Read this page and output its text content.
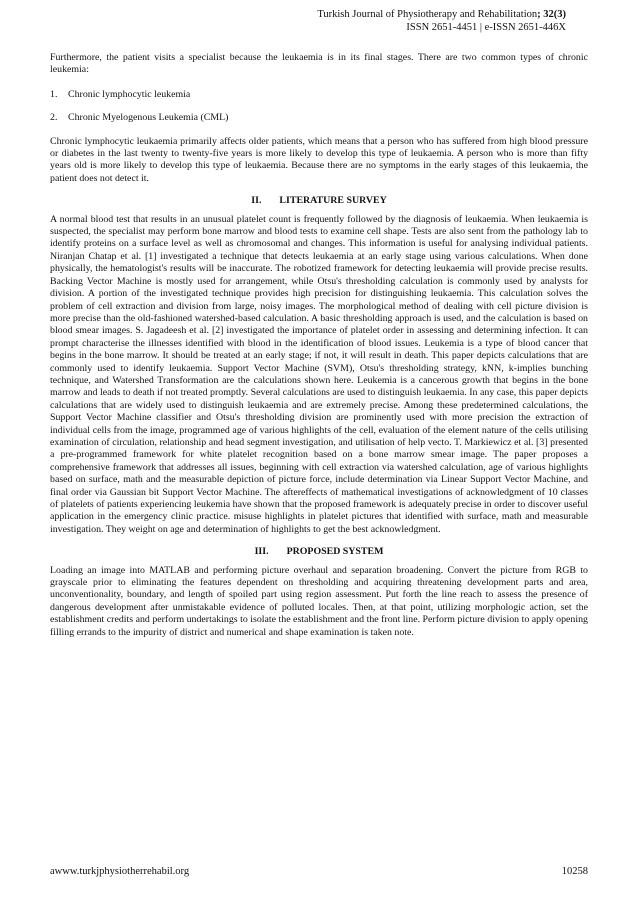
Turkish Journal of Physiotherapy and Rehabilitation; 32(3)
ISSN 2651-4451 | e-ISSN 2651-446X

Furthermore, the patient visits a specialist because the leukaemia is in its final stages. There are two common types of chronic leukemia:

1.	Chronic lymphocytic leukemia
2.	Chronic Myelogenous Leukemia (CML)

Chronic lymphocytic leukaemia primarily affects older patients, which means that a person who has suffered from high blood pressure or diabetes in the last twenty to twenty-five years is more likely to develop this type of leukaemia. A person who is more than fifty years old is more likely to develop this type of leukaemia. Because there are no symptoms in the early stages of this leukaemia, the patient does not detect it.

II. LITERATURE SURVEY

A normal blood test that results in an unusual platelet count is frequently followed by the diagnosis of leukaemia. When leukaemia is suspected, the specialist may perform bone marrow and blood tests to examine cell shape. Tests are also sent from the pathology lab to identify proteins on a surface level as well as chromosomal and changes. This information is useful for analysing individual patients. Niranjan Chatap et al. [1] investigated a technique that detects leukaemia at an early stage using various calculations. When done physically, the hematologist's results will be inaccurate. The robotized framework for detecting leukaemia will provide precise results. Backing Vector Machine is mostly used for arrangement, while Otsu's thresholding calculation is commonly used by analysts for division. A portion of the investigated technique provides high precision for distinguishing leukaemia. This calculation solves the problem of cell extraction and division from large, noisy images. The morphological method of dealing with cell picture division is more precise than the old-fashioned watershed-based calculation. A basic thresholding approach is used, and the calculation is based on blood smear images. S. Jagadeesh et al. [2] investigated the importance of platelet order in assessing and determining infection. It can prompt characterise the illnesses identified with blood in the identification of blood issues. Leukemia is a type of blood cancer that begins in the bone marrow. It should be treated at an early stage; if not, it will result in death. This paper depicts calculations that are commonly used to identify leukaemia. Support Vector Machine (SVM), Otsu's thresholding strategy, kNN, k-implies bunching technique, and Watershed Transformation are the calculations shown here. Leukemia is a cancerous growth that begins in the bone marrow and leads to death if not treated promptly. Several calculations are used to distinguish leukaemia. In any case, this paper depicts calculations that are widely used to distinguish leukaemia and are extremely precise. Among these predetermined calculations, the Support Vector Machine classifier and Otsu's thresholding division are prominently used with more precision the extraction of individual cells from the image, programmed age of various highlights of the cell, evaluation of the element nature of the cells utilising examination of circulation, relationship and head segment investigation, and utilisation of help vecto. T. Markiewicz et al. [3] presented a pre-programmed framework for white platelet recognition based on a bone marrow smear image. The paper proposes a comprehensive framework that addresses all issues, beginning with cell extraction via watershed calculation, age of various highlights based on surface, math and the measurable depiction of picture force, include determination via Linear Support Vector Machine, and final order via Gaussian bit Support Vector Machine. The aftereffects of mathematical investigations of acknowledgment of 10 classes of platelets of patients experiencing leukemia have shown that the proposed framework is adequately precise in order to discover useful application in the emergency clinic practice. misuse highlights in platelet pictures that identified with surface, math and measurable investigation. They weight on age and determination of highlights to get the best acknowledgment.

III. PROPOSED SYSTEM

Loading an image into MATLAB and performing picture overhaul and separation broadening. Convert the picture from RGB to grayscale prior to eliminating the features dependent on thresholding and acquiring threatening development parts and area, unconventionality, boundary, and length of spoiled part using region assessment. Put forth the line reach to assess the presence of dangerous development after unmistakable evidence of polluted locales. Then, at that point, utilizing morphologic action, set the establishment credits and perform undertakings to isolate the establishment and the front line. Perform picture division to apply opening filling errands to the impurity of district and numerical and shape examination is taken note.

awww.turkjphysiotherrehabil.org	10258
